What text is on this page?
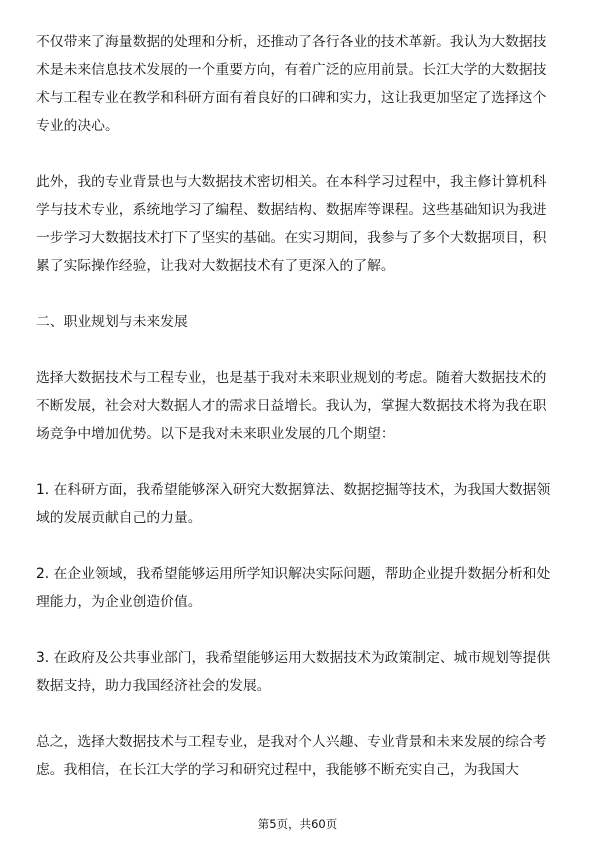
不仅带来了海量数据的处理和分析，还推动了各行各业的技术革新。我认为大数据技术是未来信息技术发展的一个重要方向，有着广泛的应用前景。长江大学的大数据技术与工程专业在教学和科研方面有着良好的口碑和实力，这让我更加坚定了选择这个专业的决心。

此外，我的专业背景也与大数据技术密切相关。在本科学习过程中，我主修计算机科学与技术专业，系统地学习了编程、数据结构、数据库等课程。这些基础知识为我进一步学习大数据技术打下了坚实的基础。在实习期间，我参与了多个大数据项目，积累了实际操作经验，让我对大数据技术有了更深入的了解。

二、职业规划与未来发展

选择大数据技术与工程专业，也是基于我对未来职业规划的考虑。随着大数据技术的不断发展，社会对大数据人才的需求日益增长。我认为，掌握大数据技术将为我在职场竞争中增加优势。以下是我对未来职业发展的几个期望：

1. 在科研方面，我希望能够深入研究大数据算法、数据挖掘等技术，为我国大数据领域的发展贡献自己的力量。

2. 在企业领域，我希望能够运用所学知识解决实际问题，帮助企业提升数据分析和处理能力，为企业创造价值。

3. 在政府及公共事业部门，我希望能够运用大数据技术为政策制定、城市规划等提供数据支持，助力我国经济社会的发展。

总之，选择大数据技术与工程专业，是我对个人兴趣、专业背景和未来发展的综合考虑。我相信，在长江大学的学习和研究过程中，我能够不断充实自己，为我国大

第5页，共60页
